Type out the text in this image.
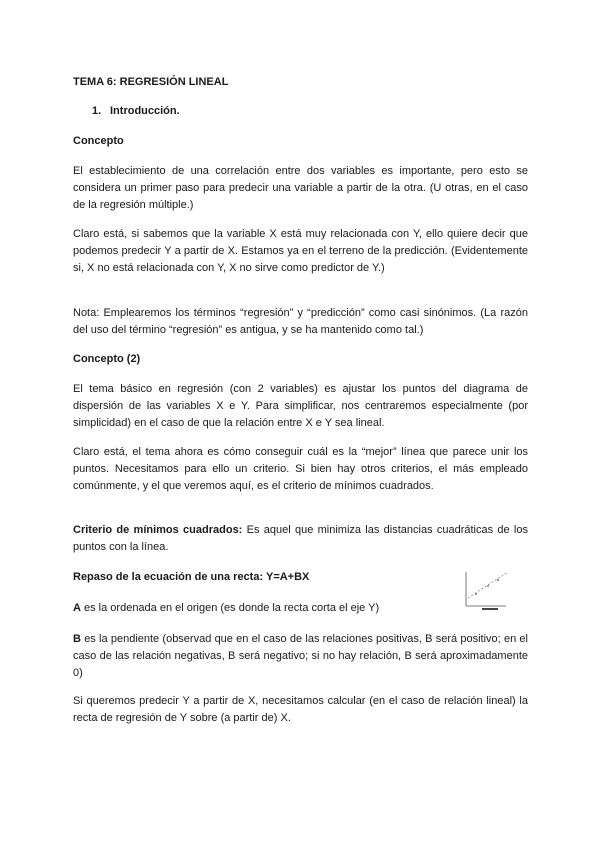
TEMA 6: REGRESIÓN LINEAL
1. Introducción.
Concepto
El establecimiento de una correlación entre dos variables es importante, pero esto se considera un primer paso para predecir una variable a partir de la otra. (U otras, en el caso de la regresión múltiple.)
Claro está, si sabemos que la variable X está muy relacionada con Y, ello quiere decir que podemos predecir Y a partir de X. Estamos ya en el terreno de la predicción. (Evidentemente si, X no está relacionada con Y, X no sirve como predictor de Y.)
Nota: Emplearemos los términos “regresión” y “predicción” como casi sinónimos. (La razón del uso del término “regresión” es antigua, y se ha mantenido como tal.)
Concepto (2)
El tema básico en regresión (con 2 variables) es ajustar los puntos del diagrama de dispersión de las variables X e Y. Para simplificar, nos centraremos especialmente (por simplicidad) en el caso de que la relación entre X e Y sea lineal.
Claro está, el tema ahora es cómo conseguir cuál es la “mejor” línea que parece unir los puntos. Necesitamos para ello un criterio. Si bien hay otros criterios, el más empleado comúnmente, y el que veremos aquí, es el criterio de mínimos cuadrados.
Criterio de mínimos cuadrados: Es aquel que minimiza las distancias cuadráticas de los puntos con la línea.
Repaso de la ecuación de una recta: Y=A+BX
A es la ordenada en el origen (es donde la recta corta el eje Y)
B es la pendiente (observad que en el caso de las relaciones positivas, B será positivo; en el caso de las relación negativas, B será negativo; si no hay relación, B será aproximadamente 0)
Si queremos predecir Y a partir de X, necesitamos calcular (en el caso de relación lineal) la recta de regresión de Y sobre (a partir de) X.
